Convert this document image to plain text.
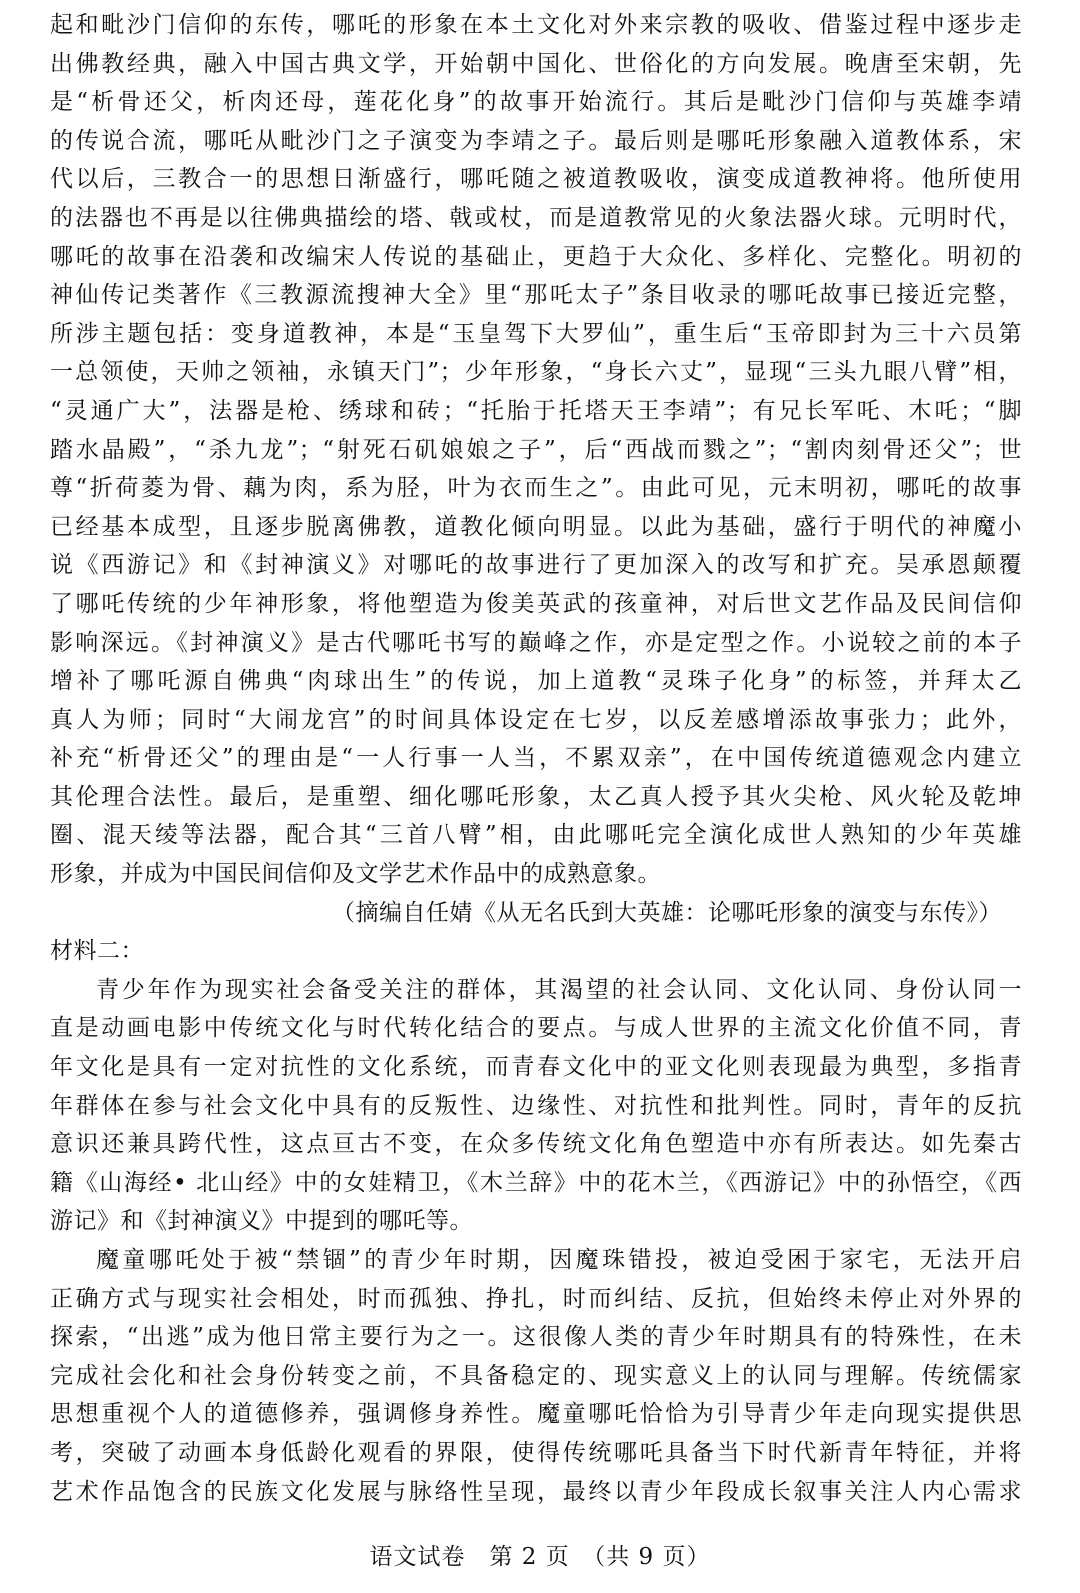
起和毗沙门信仰的东传，哪吒的形象在本土文化对外来宗教的吸收、借鉴过程中逐步走
出佛教经典，融入中国古典文学，开始朝中国化、世俗化的方向发展。晚唐至宋朝，先
是“析骨还父，析肉还母，莲花化身”的故事开始流行。其后是毗沙门信仰与英雄李靖
的传说合流，哪吒从毗沙门之子演变为李靖之子。最后则是哪吒形象融入道教体系，宋
代以后，三教合一的思想日渐盛行，哪吒随之被道教吸收，演变成道教神将。他所使用
的法器也不再是以往佛典描绘的塔、戟或杖，而是道教常见的火象法器火球。元明时代，
哪吒的故事在沿袭和改编宋人传说的基础止，更趋于大众化、多样化、完整化。明初的
神仙传记类著作《三教源流搜神大全》里“那吒太子”条目收录的哪吒故事已接近完整，
所涉主题包括：变身道教神，本是“玉皇驾下大罗仙”，重生后“玉帝即封为三十六员第
一总领使，天帅之领袖，永镇天门”；少年形象，“身长六丈”，显现“三头九眼八臂”相，
“灵通广大”，法器是枪、绣球和砖；“托胎于托塔天王李靖”；有兄长军吒、木吒；“脚
踏水晶殿”，“杀九龙”；“射死石矶娘娘之子”，后“西战而戮之”；“割肉刻骨还父”；世
尊“折荷菱为骨、藕为肉，系为胫，叶为衣而生之”。由此可见，元末明初，哪吒的故事
已经基本成型，且逐步脱离佛教，道教化倾向明显。以此为基础，盛行于明代的神魔小
说《西游记》和《封神演义》对哪吒的故事进行了更加深入的改写和扩充。吴承恩颠覆
了哪吒传统的少年神形象，将他塑造为俊美英武的孩童神，对后世文艺作品及民间信仰
影响深远。《封神演义》是古代哪吒书写的巅峰之作，亦是定型之作。小说较之前的本子
增补了哪吒源自佛典“肉球出生”的传说，加上道教“灵珠子化身”的标签，并拜太乙
真人为师；同时“大闹龙宫”的时间具体设定在七岁，以反差感增添故事张力；此外，
补充“析骨还父”的理由是“一人行事一人当，不累双亲”，在中国传统道德观念内建立
其伦理合法性。最后，是重塑、细化哪吒形象，太乙真人授予其火尖枪、风火轮及乾坤
圈、混天绫等法器，配合其“三首八臂”相，由此哪吒完全演化成世人熟知的少年英雄
形象，并成为中国民间信仰及文学艺术作品中的成熟意象。
（摘编自任婧《从无名氏到大英雄：论哪吒形象的演变与东传》）
材料二：
青少年作为现实社会备受关注的群体，其渴望的社会认同、文化认同、身份认同一
直是动画电影中传统文化与时代转化结合的要点。与成人世界的主流文化价值不同，青
年文化是具有一定对抗性的文化系统，而青春文化中的亚文化则表现最为典型，多指青
年群体在参与社会文化中具有的反叛性、边缘性、对抗性和批判性。同时，青年的反抗
意识还兼具跨代性，这点亘古不变，在众多传统文化角色塑造中亦有所表达。如先秦古
籍《山海经• 北山经》中的女娃精卫，《木兰辞》中的花木兰，《西游记》中的孙悟空，《西
游记》和《封神演义》中提到的哪吒等。
魔童哪吒处于被“禁锢”的青少年时期，因魔珠错投，被迫受困于家宅，无法开启
正确方式与现实社会相处，时而孤独、挣扎，时而纠结、反抗，但始终未停止对外界的
探索，“出逃”成为他日常主要行为之一。这很像人类的青少年时期具有的特殊性，在未
完成社会化和社会身份转变之前，不具备稳定的、现实意义上的认同与理解。传统儒家
思想重视个人的道德修养，强调修身养性。魔童哪吒恰恰为引导青少年走向现实提供思
考，突破了动画本身低龄化观看的界限，使得传统哪吒具备当下时代新青年特征，并将
艺术作品饱含的民族文化发展与脉络性呈现，最终以青少年段成长叙事关注人内心需求
语文试卷　第 2 页　（共 9 页）
